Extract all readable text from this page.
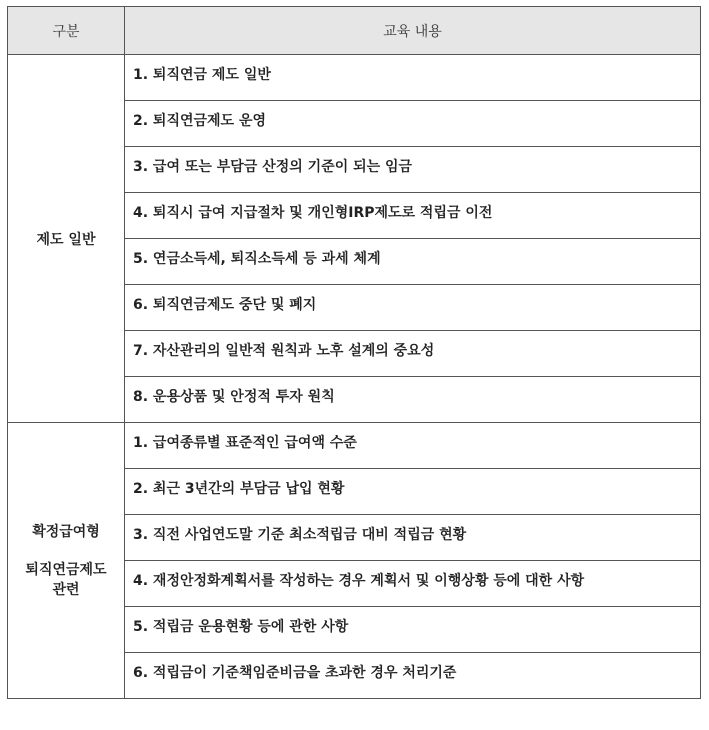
구분	교육 내용
제도 일반	1. 퇴직연금 제도 일반
	2. 퇴직연금제도 운영
	3. 급여 또는 부담금 산정의 기준이 되는 임금
	4. 퇴직시 급여 지급절차 및 개인형IRP제도로 적립금 이전
	5. 연금소득세, 퇴직소득세 등 과세 체계
	6. 퇴직연금제도 중단 및 폐지
	7. 자산관리의 일반적 원칙과 노후 설계의 중요성
	8. 운용상품 및 안정적 투자 원칙

확정급여형
퇴직연금제도
관련	1. 급여종류별 표준적인 급여액 수준
	2. 최근 3년간의 부담금 납입 현황
	3. 직전 사업연도말 기준 최소적립금 대비 적립금 현황
	4. 재정안정화계획서를 작성하는 경우 계획서 및 이행상황 등에 대한 사항
	5. 적립금 운용현황 등에 관한 사항
	6. 적립금이 기준책임준비금을 초과한 경우 처리기준
